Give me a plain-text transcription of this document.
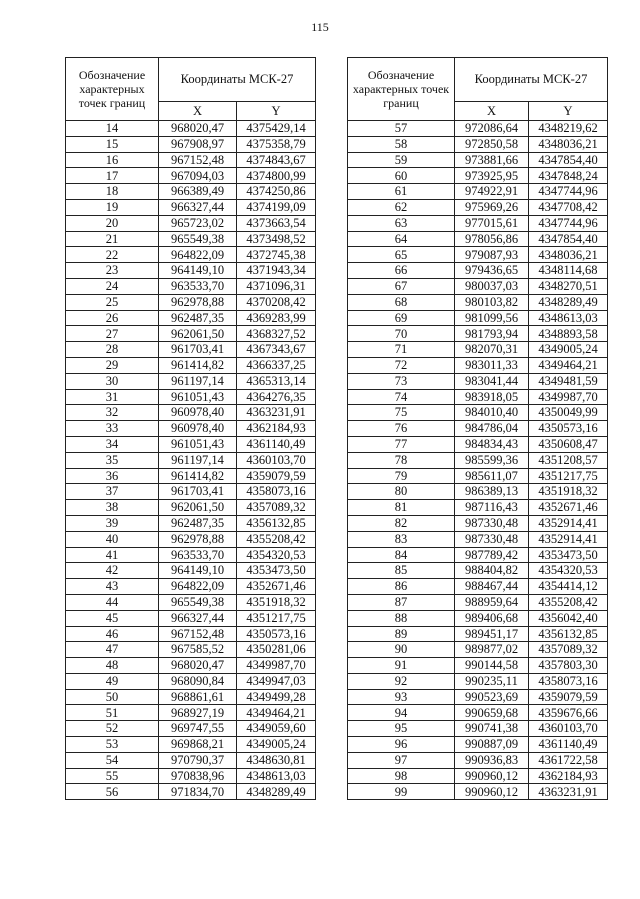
115
Обозначение характерных точек границ	Координаты МСК-27	
	X	Y
14	968020,47	4375429,14
15	967908,97	4375358,79
16	967152,48	4374843,67
17	967094,03	4374800,99
18	966389,49	4374250,86
19	966327,44	4374199,09
20	965723,02	4373663,54
21	965549,38	4373498,52
22	964822,09	4372745,38
23	964149,10	4371943,34
24	963533,70	4371096,31
25	962978,88	4370208,42
26	962487,35	4369283,99
27	962061,50	4368327,52
28	961703,41	4367343,67
29	961414,82	4366337,25
30	961197,14	4365313,14
31	961051,43	4364276,35
32	960978,40	4363231,91
33	960978,40	4362184,93
34	961051,43	4361140,49
35	961197,14	4360103,70
36	961414,82	4359079,59
37	961703,41	4358073,16
38	962061,50	4357089,32
39	962487,35	4356132,85
40	962978,88	4355208,42
41	963533,70	4354320,53
42	964149,10	4353473,50
43	964822,09	4352671,46
44	965549,38	4351918,32
45	966327,44	4351217,75
46	967152,48	4350573,16
47	967585,52	4350281,06
48	968020,47	4349987,70
49	968090,84	4349947,03
50	968861,61	4349499,28
51	968927,19	4349464,21
52	969747,55	4349059,60
53	969868,21	4349005,24
54	970790,37	4348630,81
55	970838,96	4348613,03
56	971834,70	4348289,49
Обозначение характерных точек границ	Координаты МСК-27	
	X	Y
57	972086,64	4348219,62
58	972850,58	4348036,21
59	973881,66	4347854,40
60	973925,95	4347848,24
61	974922,91	4347744,96
62	975969,26	4347708,42
63	977015,61	4347744,96
64	978056,86	4347854,40
65	979087,93	4348036,21
66	979436,65	4348114,68
67	980037,03	4348270,51
68	980103,82	4348289,49
69	981099,56	4348613,03
70	981793,94	4348893,58
71	982070,31	4349005,24
72	983011,33	4349464,21
73	983041,44	4349481,59
74	983918,05	4349987,70
75	984010,40	4350049,99
76	984786,04	4350573,16
77	984834,43	4350608,47
78	985599,36	4351208,57
79	985611,07	4351217,75
80	986389,13	4351918,32
81	987116,43	4352671,46
82	987330,48	4352914,41
83	987330,48	4352914,41
84	987789,42	4353473,50
85	988404,82	4354320,53
86	988467,44	4354414,12
87	988959,64	4355208,42
88	989406,68	4356042,40
89	989451,17	4356132,85
90	989877,02	4357089,32
91	990144,58	4357803,30
92	990235,11	4358073,16
93	990523,69	4359079,59
94	990659,68	4359676,66
95	990741,38	4360103,70
96	990887,09	4361140,49
97	990936,83	4361722,58
98	990960,12	4362184,93
99	990960,12	4363231,91
